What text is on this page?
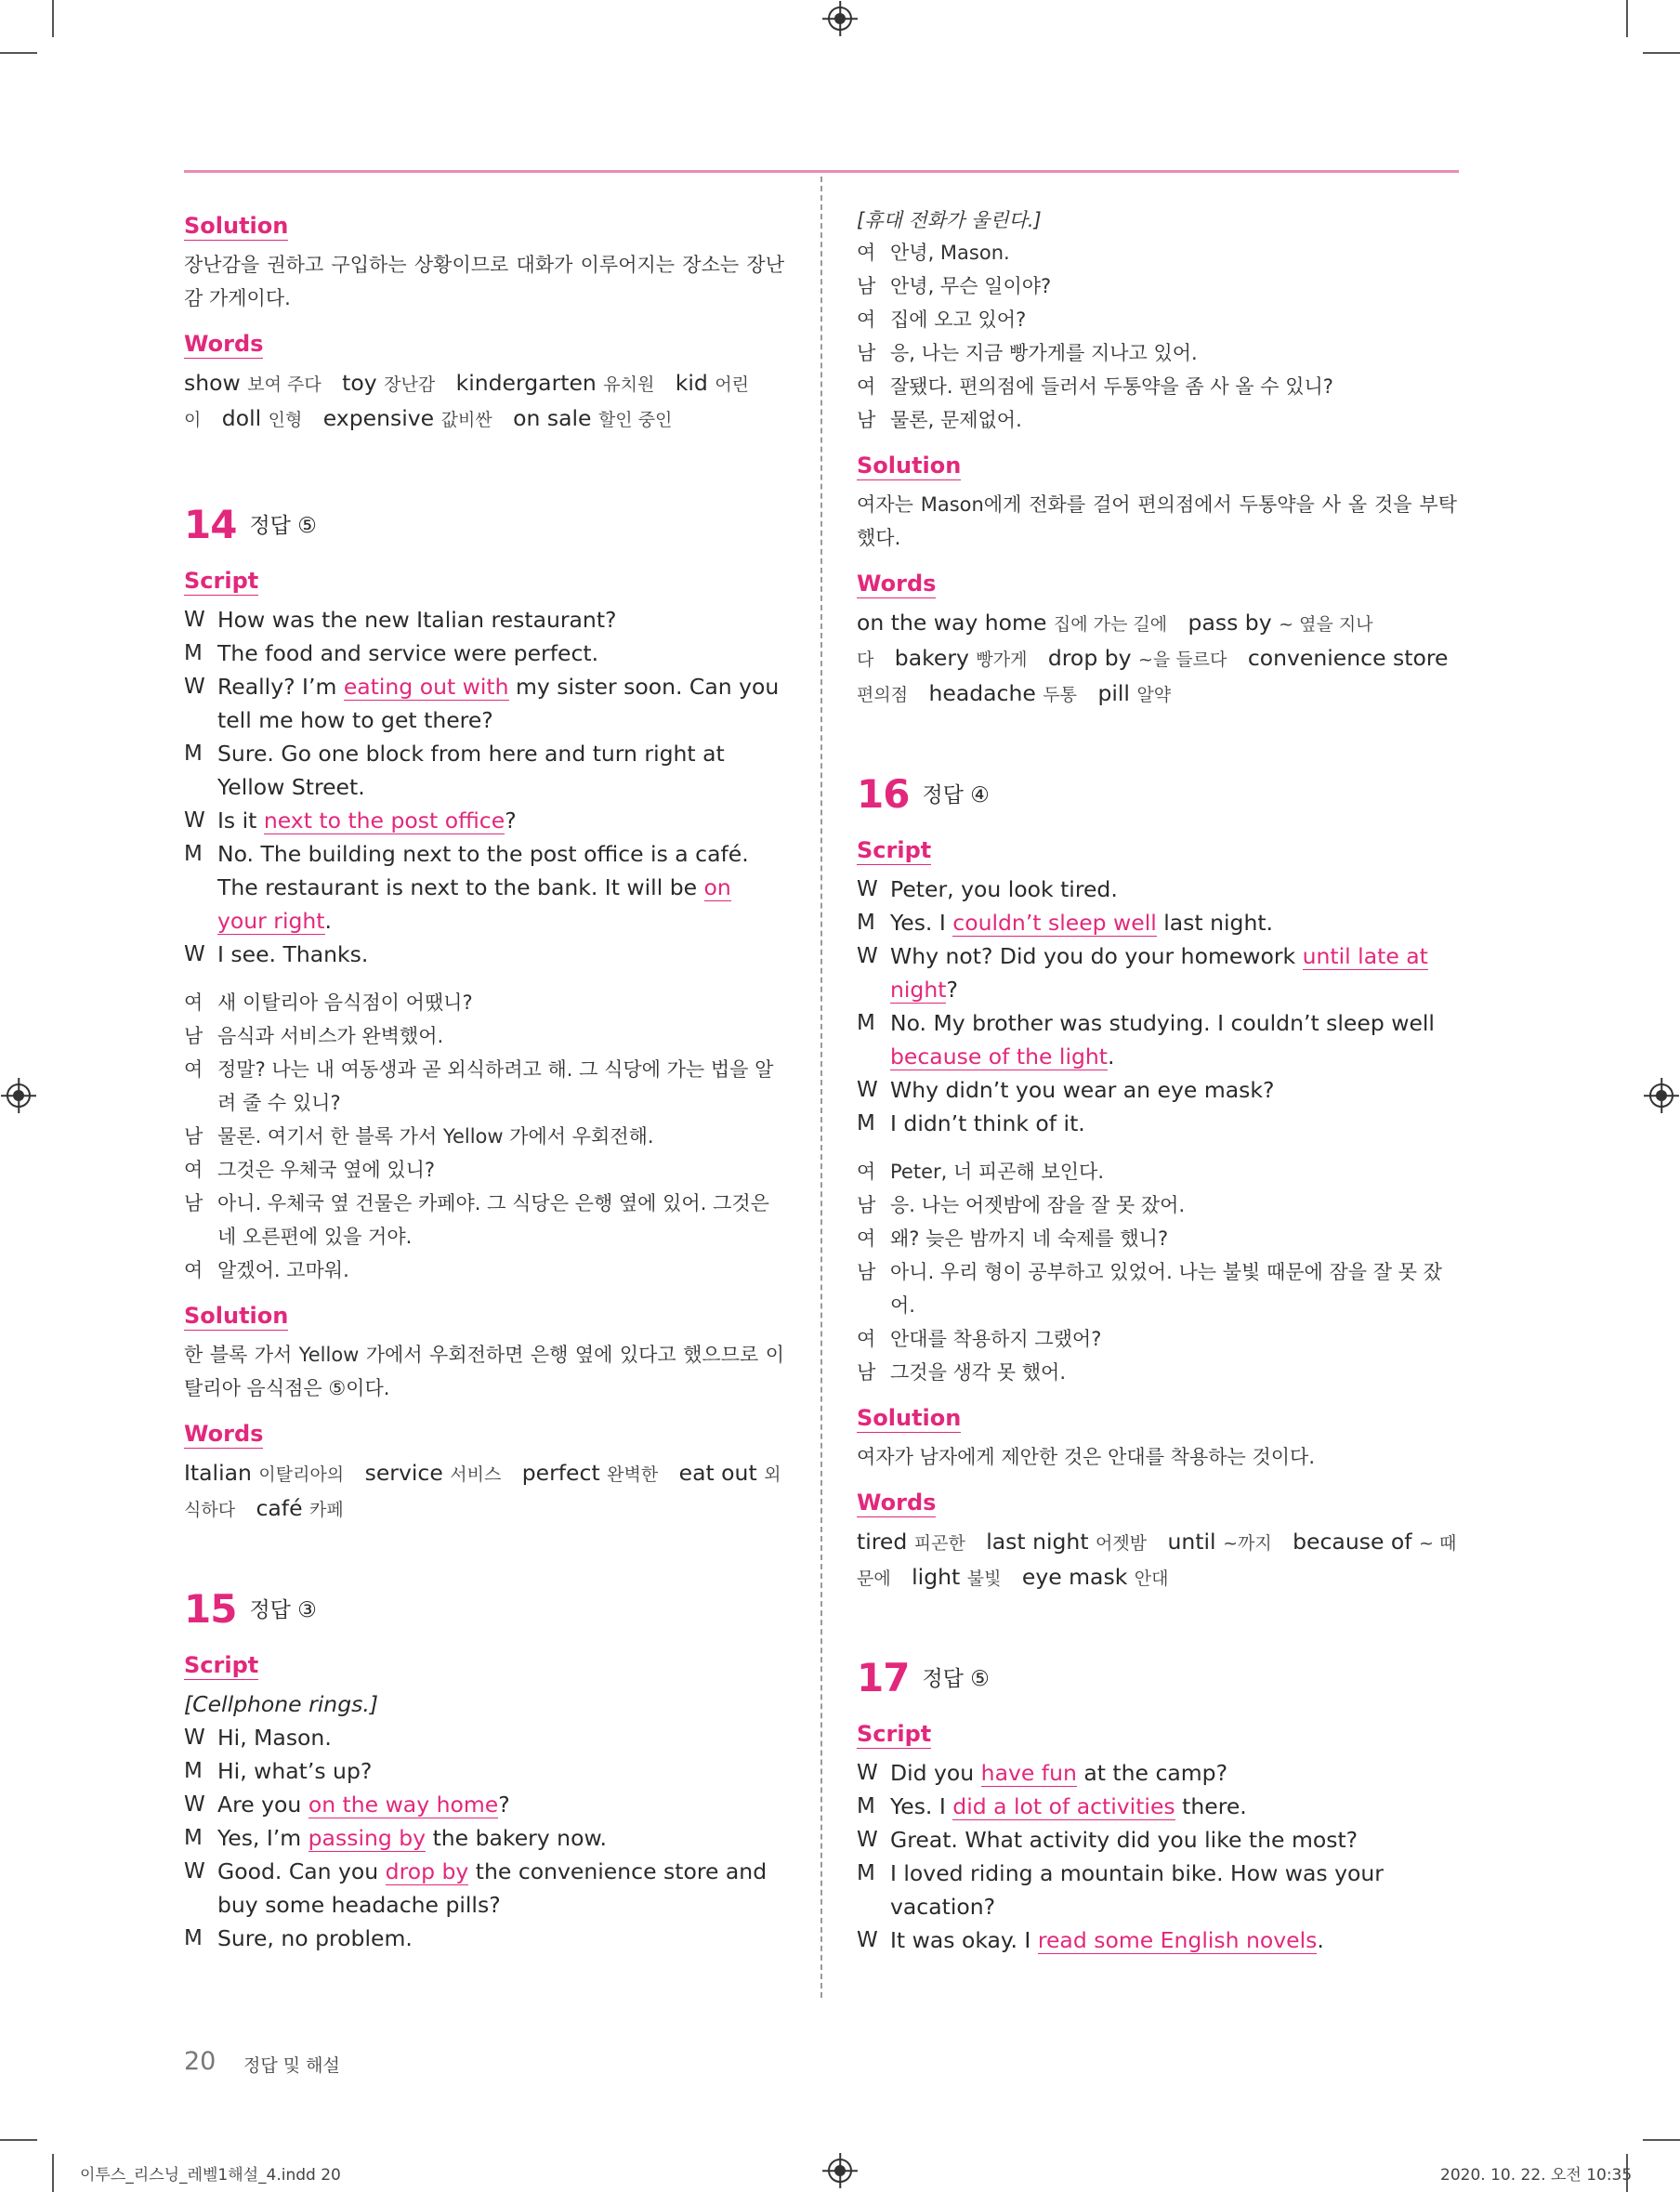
Solution

장난감을 권하고 구입하는 상황이므로 대화가 이루어지는 장소는 장난감 가게이다.

Words

show 보여 주다 toy 장난감 kindergarten 유치원 kid 어린이 doll 인형 expensive 값비싼 on sale 할인 중인

14 정답 ⑤
Script
W How was the new Italian restaurant?
M The food and service were perfect.
W Really? I’m eating out with my sister soon. Can you tell me how to get there?
M Sure. Go one block from here and turn right at Yellow Street.
W Is it next to the post office?
M No. The building next to the post office is a café. The restaurant is next to the bank. It will be on your right.
W I see. Thanks.
여 새 이탈리아 음식점이 어땠니?
남 음식과 서비스가 완벽했어.
여 정말? 나는 내 여동생과 곧 외식하려고 해. 그 식당에 가는 법을 알려 줄 수 있니?
남 물론. 여기서 한 블록 가서 Yellow 가에서 우회전해.
여 그것은 우체국 옆에 있니?
남 아니. 우체국 옆 건물은 카페야. 그 식당은 은행 옆에 있어. 그것은 네 오른편에 있을 거야.
여 알겠어. 고마워.
Solution

한 블록 가서 Yellow 가에서 우회전하면 은행 옆에 있다고 했으므로 이탈리아 음식점은 ⑤이다.

Words

Italian 이탈리아의 service 서비스 perfect 완벽한 eat out 외식하다 café 카페

15 정답 ③
Script
[Cellphone rings.]
W Hi, Mason.
M Hi, what’s up?
W Are you on the way home?
M Yes, I’m passing by the bakery now.
W Good. Can you drop by the convenience store and buy some headache pills?
M Sure, no problem.
[휴대 전화가 울린다.]
여 안녕, Mason.
남 안녕, 무슨 일이야?
여 집에 오고 있어?
남 응, 나는 지금 빵가게를 지나고 있어.
여 잘됐다. 편의점에 들러서 두통약을 좀 사 올 수 있니?
남 물론, 문제없어.
Solution

여자는 Mason에게 전화를 걸어 편의점에서 두통약을 사 올 것을 부탁했다.

Words

on the way home 집에 가는 길에 pass by ~ 옆을 지나다 bakery 빵가게 drop by ~을 들르다 convenience store 편의점 headache 두통 pill 알약

16 정답 ④
Script
W Peter, you look tired.
M Yes. I couldn’t sleep well last night.
W Why not? Did you do your homework until late at night?
M No. My brother was studying. I couldn’t sleep well because of the light.
W Why didn’t you wear an eye mask?
M I didn’t think of it.
여 Peter, 너 피곤해 보인다.
남 응. 나는 어젯밤에 잠을 잘 못 잤어.
여 왜? 늦은 밤까지 네 숙제를 했니?
남 아니. 우리 형이 공부하고 있었어. 나는 불빛 때문에 잠을 잘 못 잤어.
여 안대를 착용하지 그랬어?
남 그것을 생각 못 했어.
Solution

여자가 남자에게 제안한 것은 안대를 착용하는 것이다.

Words

tired 피곤한 last night 어젯밤 until ~까지 because of ~ 때문에 light 불빛 eye mask 안대

17 정답 ⑤
Script
W Did you have fun at the camp?
M Yes. I did a lot of activities there.
W Great. What activity did you like the most?
M I loved riding a mountain bike. How was your vacation?
W It was okay. I read some English novels.
20 정답 및 해설
이투스_리스닝_레벨1해설_4.indd 20	2020. 10. 22. 오전 10:35
